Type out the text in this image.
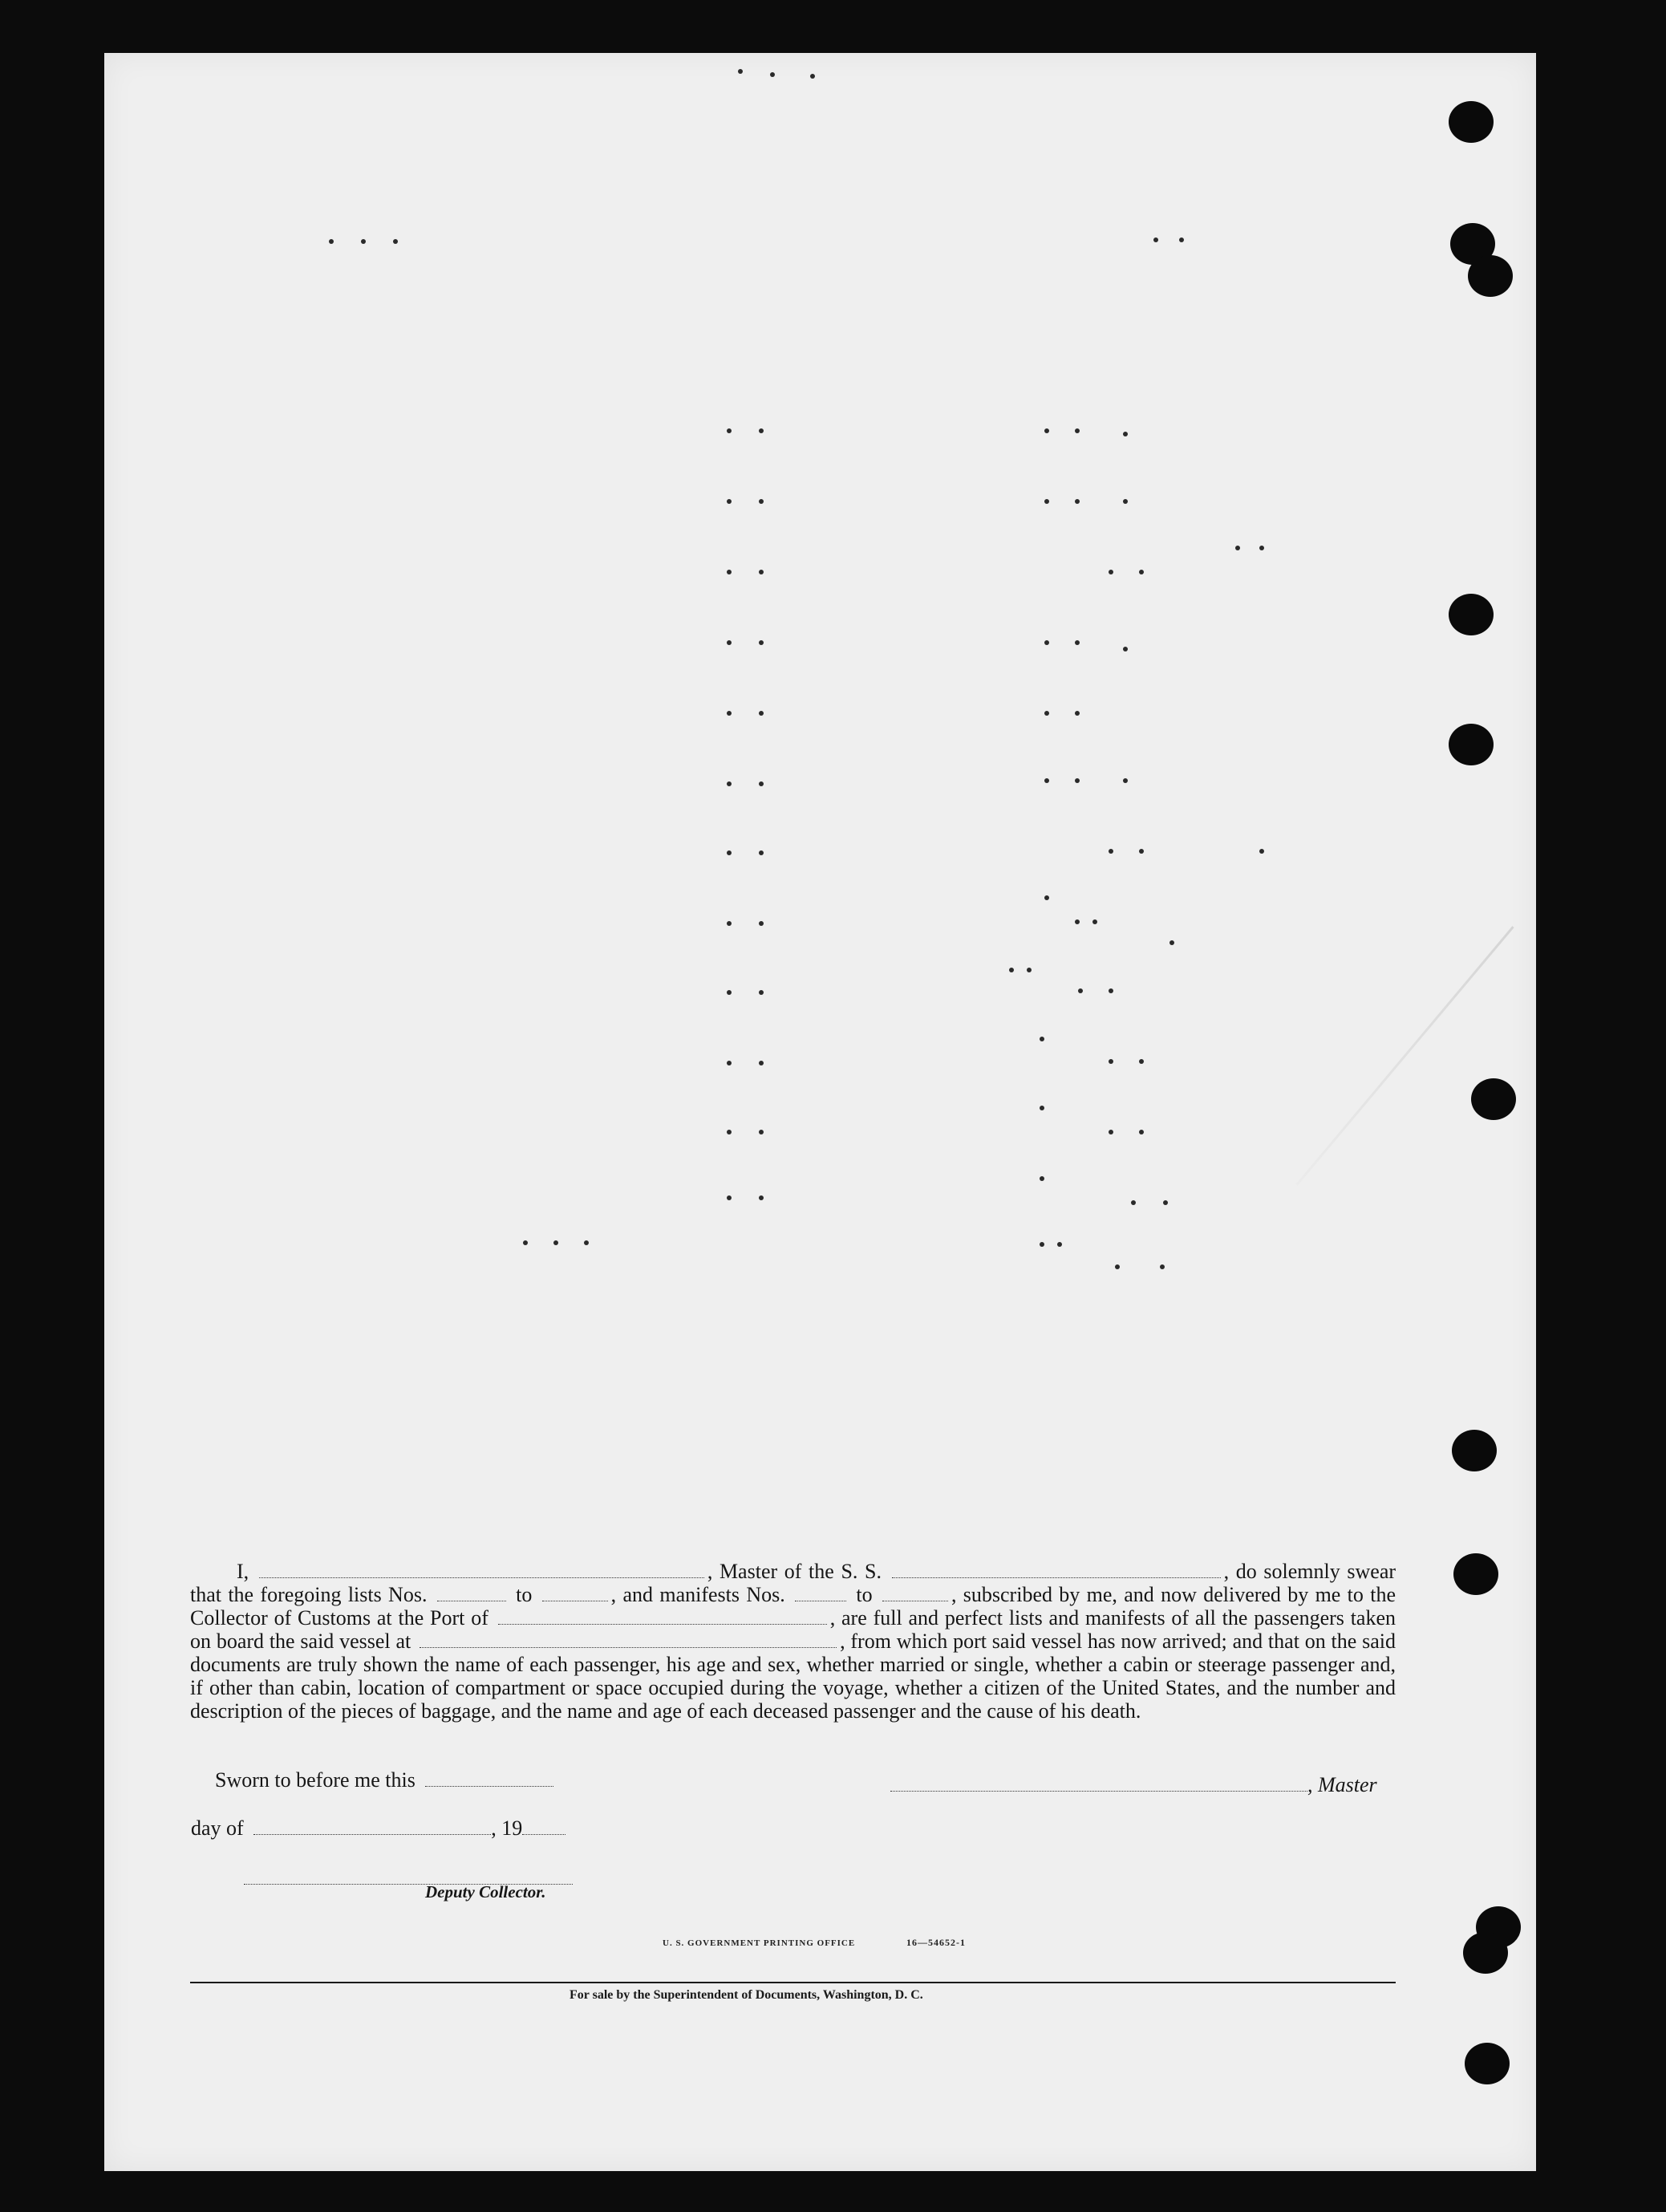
I,	, Master of the S. S.	, do solemnly swear that the foregoing lists Nos.	to	, and manifests Nos.	to	, subscribed by me, and now delivered by me to the Collector of Customs at the Port of	, are full and perfect lists and manifests of all the passengers taken on board the said vessel at	, from which port said vessel has now arrived; and that on the said documents are truly shown the name of each passenger, his age and sex, whether married or single, whether a cabin or steerage passenger and, if other than cabin, location of compartment or space occupied during the voyage, whether a citizen of the United States, and the number and description of the pieces of baggage, and the name and age of each deceased passenger and the cause of his death.
Sworn to before me this	, Master
day of	, 19
Deputy Collector.
U. S. GOVERNMENT PRINTING OFFICE	16—54652-1
For sale by the Superintendent of Documents, Washington, D. C.
